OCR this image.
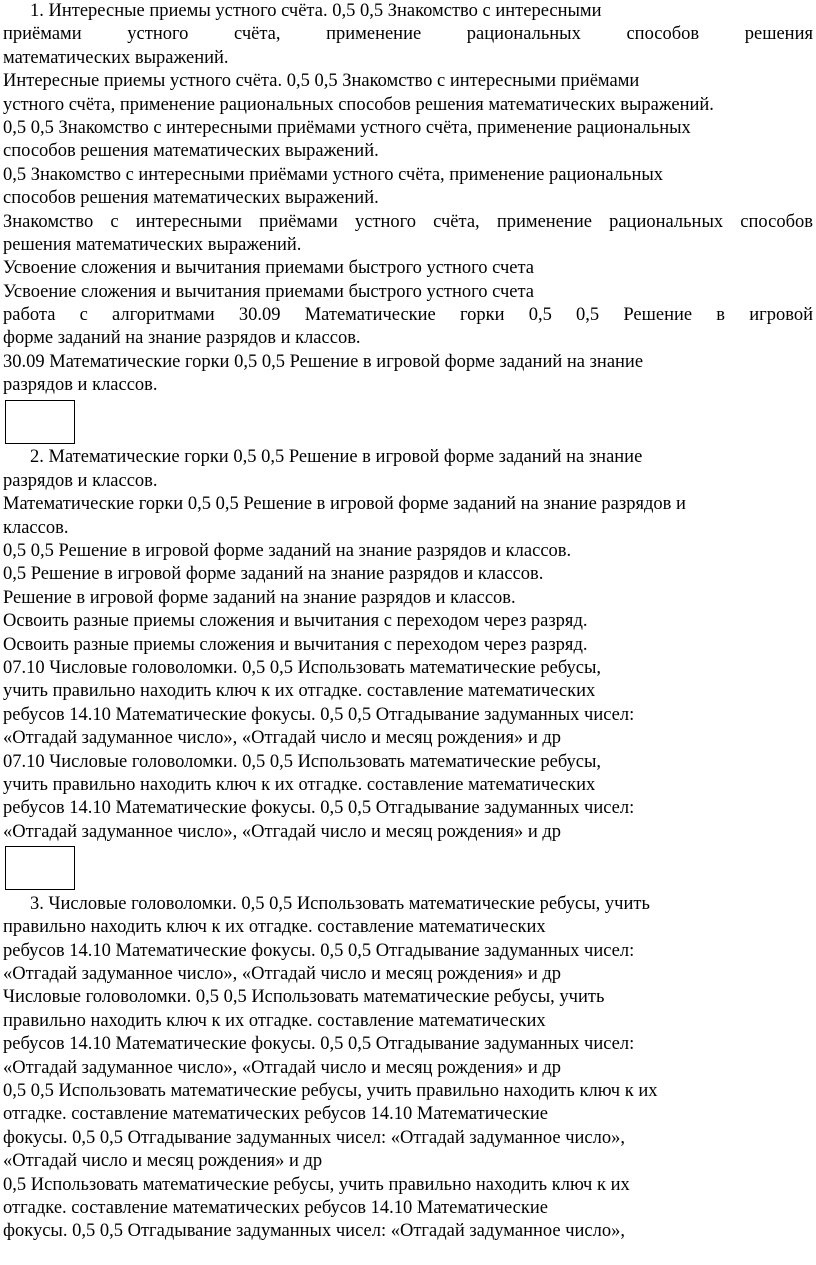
1. Интересные приемы устного счёта. 0,5 0,5 Знакомство с интересными
приёмами устного счёта, применение рациональных способов решения
математических выражений.
Интересные приемы устного счёта. 0,5 0,5 Знакомство с интересными приёмами
устного счёта, применение рациональных способов решения математических выражений.
0,5 0,5 Знакомство с интересными приёмами устного счёта, применение рациональных
способов решения математических выражений.
0,5 Знакомство с интересными приёмами устного счёта, применение рациональных
способов решения математических выражений.
Знакомство с интересными приёмами устного счёта, применение рациональных способов
решения математических выражений.
Усвоение сложения и вычитания приемами быстрого устного счета
Усвоение сложения и вычитания приемами быстрого устного счета
работа с алгоритмами 30.09 Математические горки 0,5 0,5 Решение в игровой
форме заданий на знание разрядов и классов.
30.09 Математические горки 0,5 0,5 Решение в игровой форме заданий на знание
разрядов и классов.
2. Математические горки 0,5 0,5 Решение в игровой форме заданий на знание
разрядов и классов.
Математические горки 0,5 0,5 Решение в игровой форме заданий на знание разрядов и
классов.
0,5 0,5 Решение в игровой форме заданий на знание разрядов и классов.
0,5 Решение в игровой форме заданий на знание разрядов и классов.
Решение в игровой форме заданий на знание разрядов и классов.
Освоить разные приемы сложения и вычитания с переходом через разряд.
Освоить разные приемы сложения и вычитания с переходом через разряд.
07.10 Числовые головоломки. 0,5 0,5 Использовать математические ребусы,
учить правильно находить ключ к их отгадке. составление математических
ребусов 14.10 Математические фокусы. 0,5 0,5 Отгадывание задуманных чисел:
«Отгадай задуманное число», «Отгадай число и месяц рождения» и др
07.10 Числовые головоломки. 0,5 0,5 Использовать математические ребусы,
учить правильно находить ключ к их отгадке. составление математических
ребусов 14.10 Математические фокусы. 0,5 0,5 Отгадывание задуманных чисел:
«Отгадай задуманное число», «Отгадай число и месяц рождения» и др
3. Числовые головоломки. 0,5 0,5 Использовать математические ребусы, учить
правильно находить ключ к их отгадке. составление математических
ребусов 14.10 Математические фокусы. 0,5 0,5 Отгадывание задуманных чисел:
«Отгадай задуманное число», «Отгадай число и месяц рождения» и др
Числовые головоломки. 0,5 0,5 Использовать математические ребусы, учить
правильно находить ключ к их отгадке. составление математических
ребусов 14.10 Математические фокусы. 0,5 0,5 Отгадывание задуманных чисел:
«Отгадай задуманное число», «Отгадай число и месяц рождения» и др
0,5 0,5 Использовать математические ребусы, учить правильно находить ключ к их
отгадке. составление математических ребусов 14.10 Математические
фокусы. 0,5 0,5 Отгадывание задуманных чисел: «Отгадай задуманное число»,
«Отгадай число и месяц рождения» и др
0,5 Использовать математические ребусы, учить правильно находить ключ к их
отгадке. составление математических ребусов 14.10 Математические
фокусы. 0,5 0,5 Отгадывание задуманных чисел: «Отгадай задуманное число»,
